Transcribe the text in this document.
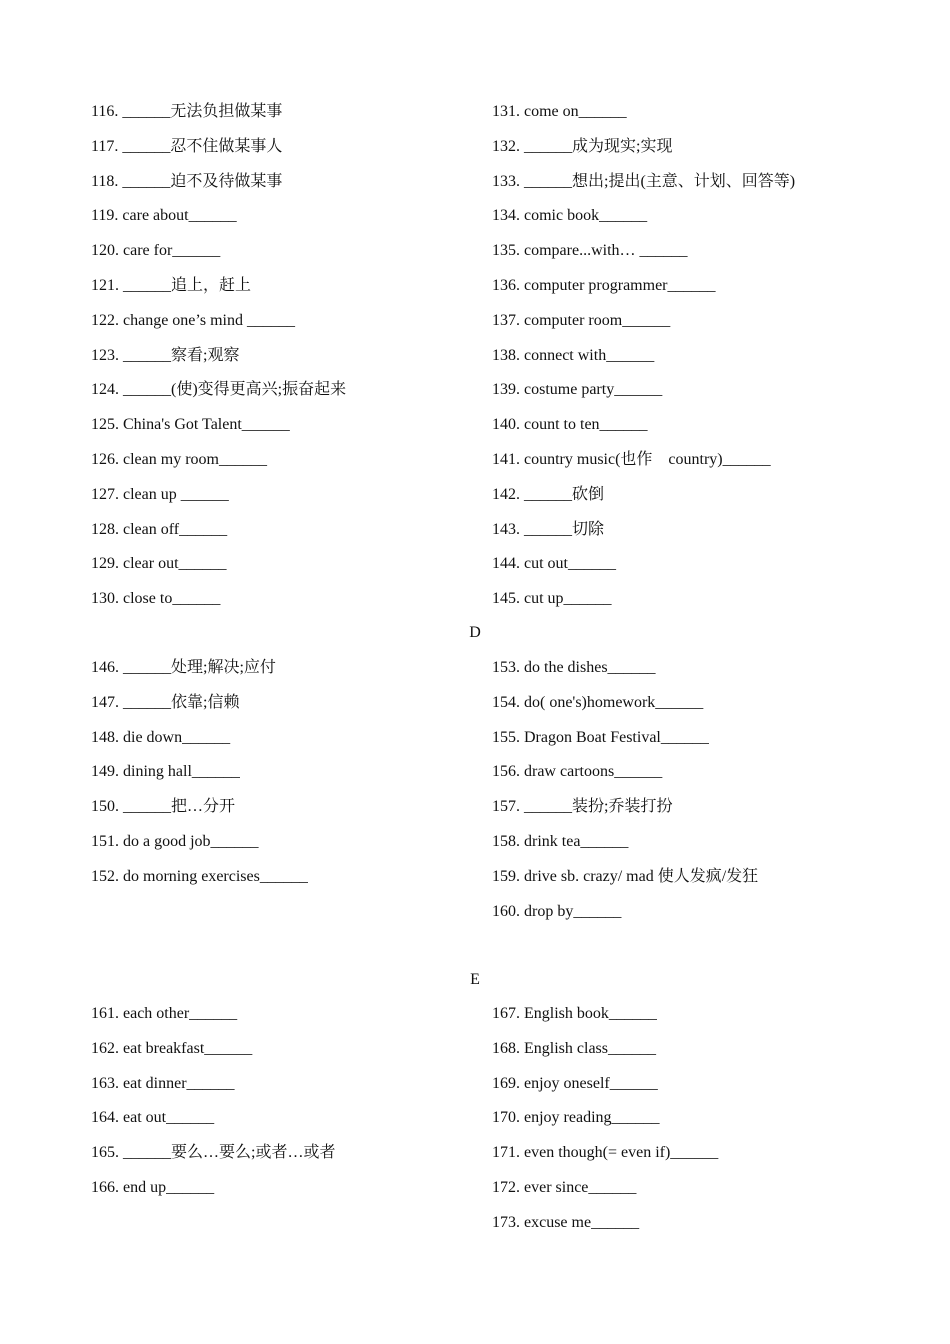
116. ______无法负担做某事
117. ______忍不住做某事人
118. ______迫不及待做某事
119. care about______
120. care for______
121. ______追上，赶上
122. change one’s mind ______
123. ______察看;观察
124. ______(使)变得更高兴;振奋起来
125. China's Got Talent______
126. clean my room______
127. clean up ______
128. clean off______
129. clear out______
130. close to______
131. come on______
132. ______成为现实;实现
133. ______想出;提出(主意、计划、回答等)
134. comic book______
135. compare...with… ______
136. computer programmer______
137. computer room______
138. connect with______
139. costume party______
140. count to ten______
141. country music(也作    country)______
142. ______砍倒
143. ______切除
144. cut out______
145. cut up______
D
146. ______处理;解决;应付
147. ______依靠;信赖
148. die down______
149. dining hall______
150. ______把…分开
151. do a good job______
152. do morning exercises______
153. do the dishes______
154. do( one's)homework______
155. Dragon Boat Festival______
156. draw cartoons______
157. ______装扮;乔装打扮
158. drink tea______
159. drive sb. crazy/ mad 使人发疯/发狂
160. drop by______
E
161. each other______
162. eat breakfast______
163. eat dinner______
164. eat out______
165. ______要么…要么;或者…或者
166. end up______
167. English book______
168. English class______
169. enjoy oneself______
170. enjoy reading______
171. even though(= even if)______
172. ever since______
173. excuse me______
